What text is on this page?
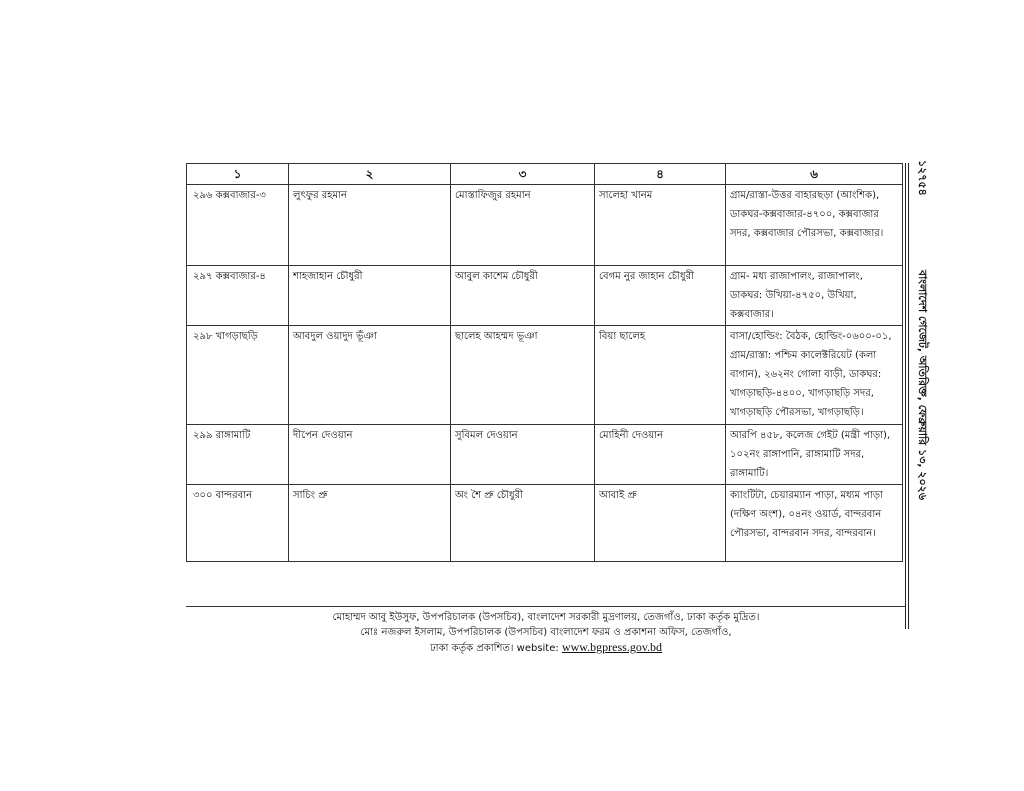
১	২	৩	৪	৬
২৯৬ কক্সবাজার-৩	লুৎফুর রহমান	মোস্তাফিজুর রহমান	সালেহা খানম	গ্রাম/রাস্তা-উত্তর বাহারছড়া (আংশিক), ডাকঘর-কক্সবাজার-৪৭০০, কক্সবাজার সদর, কক্সবাজার পৌরসভা, কক্সবাজার।
২৯৭ কক্সবাজার-৪	শাহজাহান চৌধুরী	আবুল কাশেম চৌধুরী	বেগম নুর জাহান চৌধুরী	গ্রাম- মধ্য রাজাপালং, রাজাপালং, ডাকঘর: উখিয়া-৪৭৫০, উখিয়া, কক্সবাজার।
২৯৮ খাগড়াছড়ি	আবদুল ওয়াদুদ ভূঁঞা	ছালেহ আহম্মদ ভূঞা	বিয়া ছালেহ	বাসা/হোল্ডিং: বৈঠক, হোল্ডিং-০৬০০-০১, গ্রাম/রাস্তা: পশ্চিম কালেক্টরিয়েট (কলা বাগান), ২৬২নং গোলা বাড়ী, ডাকঘর: খাগড়াছড়ি-৪৪০০, খাগড়াছড়ি সদর, খাগড়াছড়ি পৌরসভা, খাগড়াছড়ি।
২৯৯ রাঙ্গামাটি	দীপেন দেওয়ান	সুবিমল দেওয়ান	মোহিনী দেওয়ান	আরপি ৪৫৮, কলেজ গেইট (মন্ত্রী পাড়া), ১০২নং রাঙ্গাপানি, রাঙ্গামাটি সদর, রাঙ্গামাটি।
৩০০ বান্দরবান	সাচিং প্রু	অং শৈ প্রু চৌধুরী	আবাই প্রু	ক্যাংটিটা, চেয়ারম্যান পাড়া, মধ্যম পাড়া (দক্ষিণ অংশ), ০৪নং ওয়ার্ড, বান্দরবান পৌরসভা, বান্দরবান সদর, বান্দরবান।
১২৭৫৪
বাংলাদেশ গেজেট, অতিরিক্ত, ফেব্রুয়ারি ১৩, ২০২৬
মোহাম্মদ আবু ইউসুফ, উপপরিচালক (উপসচিব), বাংলাদেশ সরকারী মুদ্রণালয়, তেজগাঁও, ঢাকা কর্তৃক মুদ্রিত।
মোঃ নজরুল ইসলাম, উপপরিচালক (উপসচিব) বাংলাদেশ ফরম ও প্রকাশনা অফিস, তেজগাঁও,
ঢাকা কর্তৃক প্রকাশিত। website: www.bgpress.gov.bd
